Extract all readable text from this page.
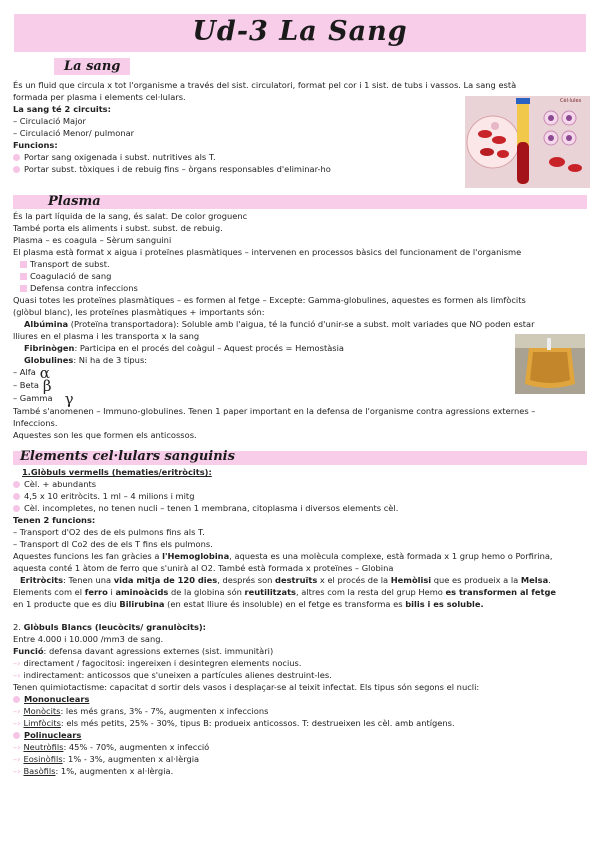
Ud-3 La Sang
La sang
És un fluid que circula x tot l'organisme a través del sist. circulatori, format pel cor i 1 sist. de tubs i vassos. La sang està
formada per plasma i elements cel·lulars.
La sang té 2 circuits:
– Circulació Major
– Circulació Menor/ pulmonar
Funcions:
Portar sang oxigenada i subst. nutritives als T.
Portar subst. tòxiques i de rebuig fins – òrgans responsables d'eliminar-ho
Cèl·lules
Plasma
És la part líquida de la sang, és salat. De color groguenc
També porta els aliments i subst. subst. de rebuig.
Plasma – es coagula – Sèrum sanguini
El plasma està format x aigua i proteïnes plasmàtiques – intervenen en processos bàsics del funcionament de l'organisme
Transport de subst.
Coagulació de sang
Defensa contra infeccions
Quasi totes les proteïnes plasmàtiques – es formen al fetge – Excepte: Gamma-globulines, aquestes es formen als limfòcits
(glòbul blanc), les proteïnes plasmàtiques + importants són:
Albúmina (Proteïna transportadora): Soluble amb l'aigua, té la funció d'unir-se a subst. molt variades que NO poden estar
lliures en el plasma i les transporta x la sang
Fibrinògen: Participa en el procés del coàgul – Aquest procés = Hemostàsia
Globulines: Ni ha de 3 tipus:
– Alfa α
– Beta β
– Gamma γ
També s'anomenen – Immuno-globulines. Tenen 1 paper important en la defensa de l'organisme contra agressions externes –
Infeccions.
Aquestes son les que formen els anticossos.
Elements cel·lulars sanguinis
1.Glòbuls vermells (hematies/eritròcits):
Cèl. + abundants
4,5 x 10 eritròcits. 1 ml – 4 milions i mitg
Cèl. incompletes, no tenen nucli – tenen 1 membrana, citoplasma i diversos elements cèl.
Tenen 2 funcions:
– Transport d'O2 des de els pulmons fins als T.
– Transport dl Co2 des de els T fins els pulmons.
Aquestes funcions les fan gràcies a l'Hemoglobina, aquesta es una molècula complexe, està formada x 1 grup hemo o Porfirina,
aquesta conté 1 àtom de ferro que s'unirà al O2. També està formada x proteïnes – Globina
Eritròcits: Tenen una vida mitja de 120 dies, després son destruïts x el procés de la Hemòlisi que es produeix a la Melsa.
Elements com el ferro i aminoàcids de la globina són reutilitzats, altres com la resta del grup Hemo es transformen al fetge
en 1 producte que es diu Bilirubina (en estat lliure és insoluble) en el fetge es transforma es bilis i es soluble.
2. Glòbuls Blancs (leucòcits/ granulòcits):
Entre 4.000 i 10.000 /mm3 de sang.
Funció: defensa davant agressions externes (sist. immunitàri)
–› directament / fagocitosi: ingereixen i desintegren elements nocius.
–› indirectament: anticossos que s'uneixen a partícules alienes destruint-les.
Tenen quimiotactisme: capacitat d sortir dels vasos i desplaçar-se al teixit infectat. Els tipus són segons el nucli:
Mononuclears
–› Monòcits: les més grans, 3% - 7%, augmenten x infeccions
–› Limfòcits: els més petits, 25% - 30%, tipus B: produeix anticossos. T: destrueixen les cèl. amb antígens.
Polinuclears
–› Neutròfils: 45% - 70%, augmenten x infecció
–› Eosinòfils: 1% - 3%, augmenten x al·lèrgia
–› Basòfils: 1%, augmenten x al·lèrgia.
